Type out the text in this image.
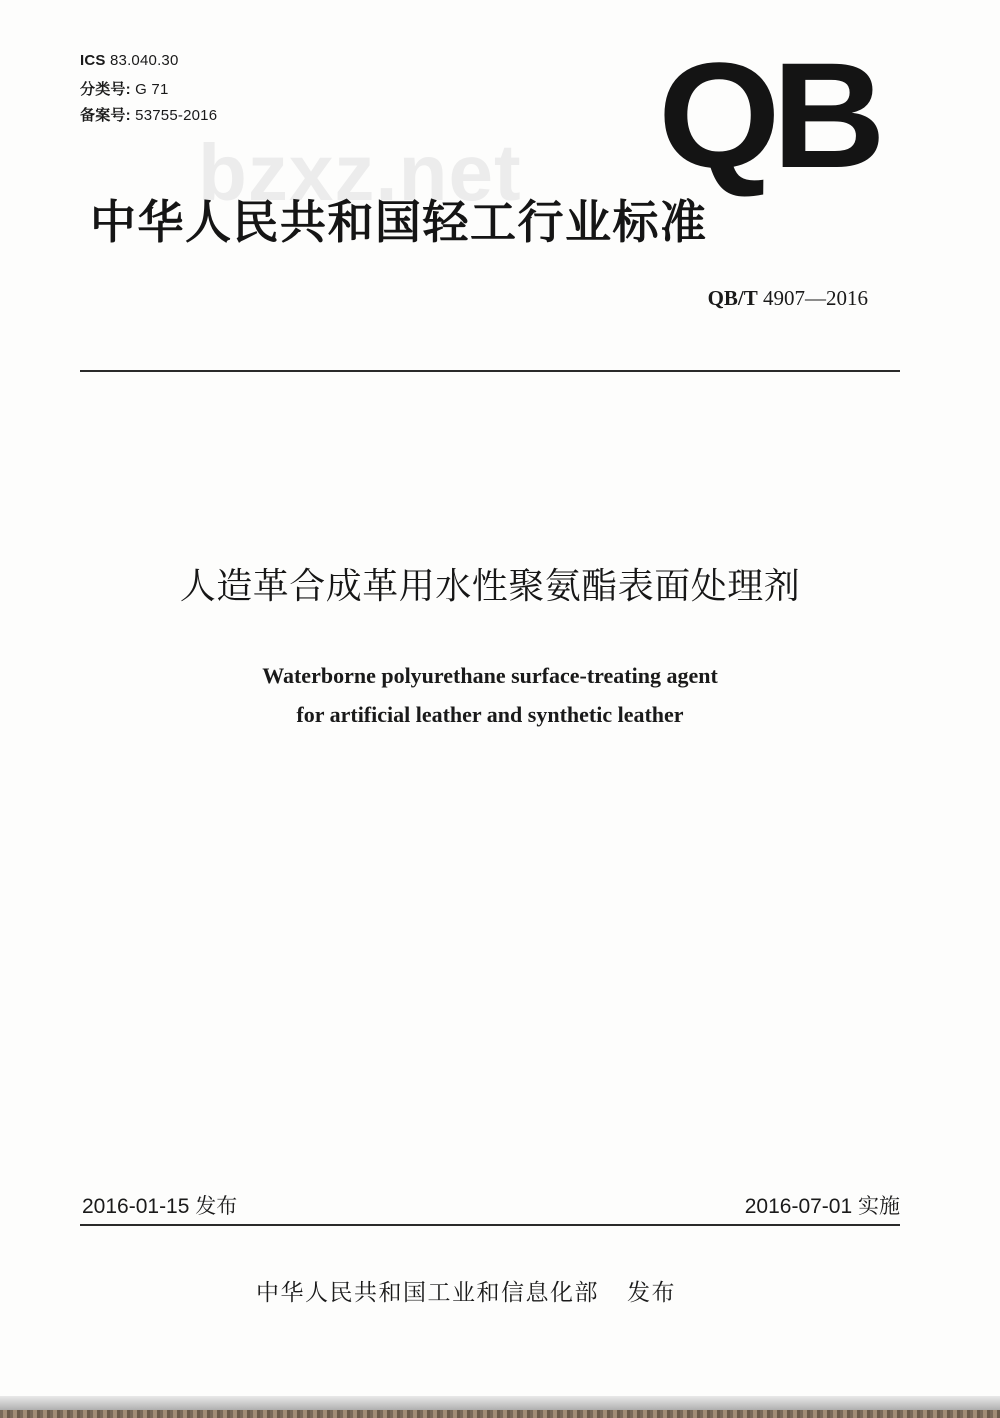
ICS 83.040.30
分类号: G 71
备案号: 53755-2016	QB
bzxz.net
中华人民共和国轻工行业标准
QB/T 4907—2016
人造革合成革用水性聚氨酯表面处理剂
Waterborne polyurethane surface-treating agent
for artificial leather and synthetic leather
2016-01-15 发布	2016-07-01 实施
中华人民共和国工业和信息化部 发布
